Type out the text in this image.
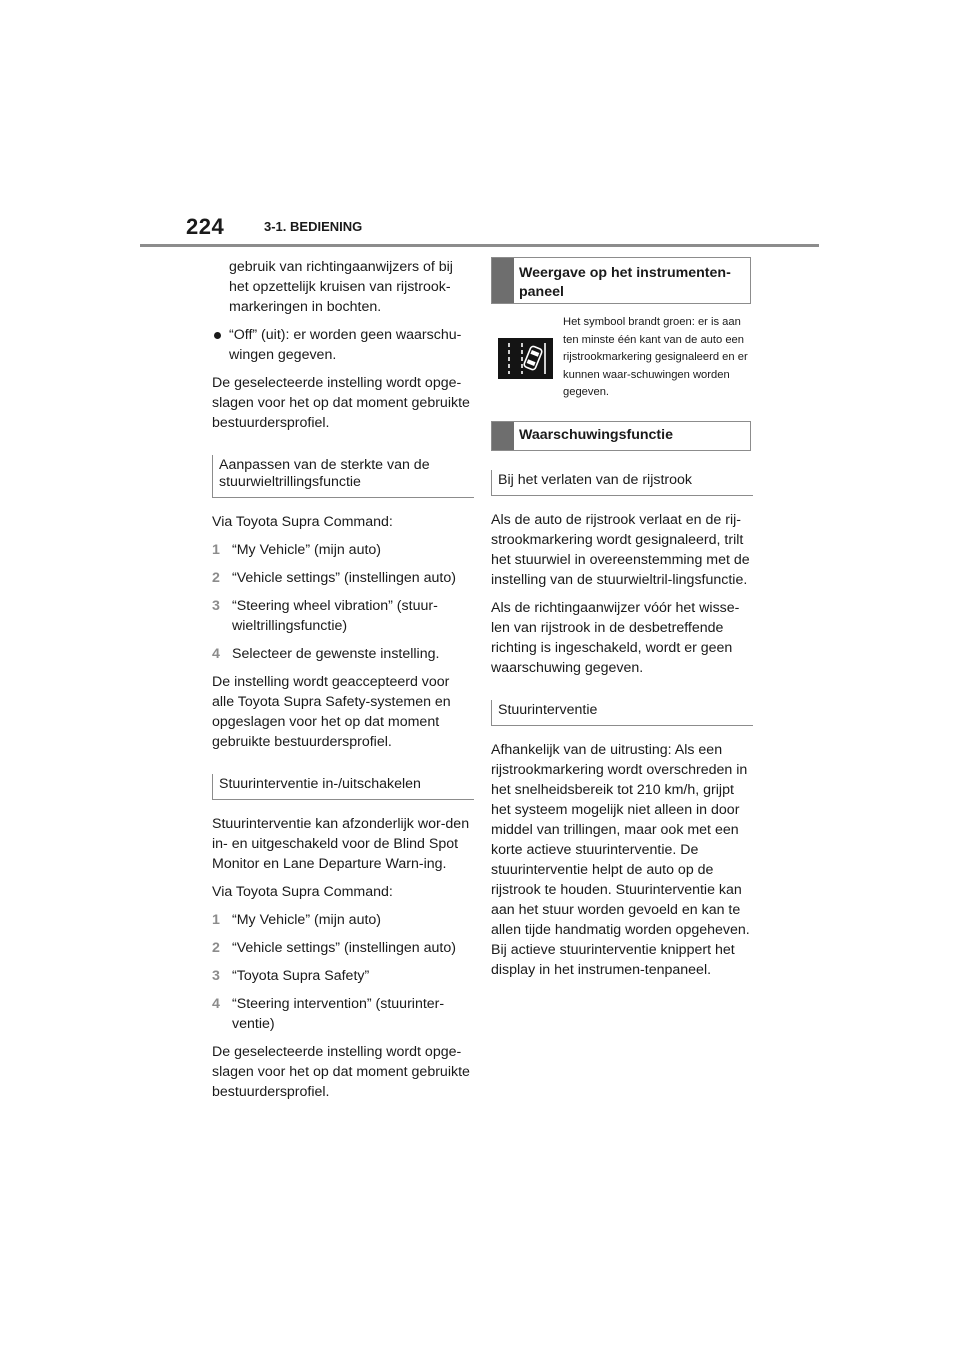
224	3-1. BEDIENING

gebruik van richtingaanwijzers of bij het opzettelijk kruisen van rijstrook-markeringen in bochten.

“Off” (uit): er worden geen waarschu-wingen gegeven.

De geselecteerde instelling wordt opge-slagen voor het op dat moment gebruikte bestuurdersprofiel.

Aanpassen van de sterkte van de stuurwieltrillingsfunctie

Via Toyota Supra Command:

1 “My Vehicle” (mijn auto)
2 “Vehicle settings” (instellingen auto)
3 “Steering wheel vibration” (stuur-wieltrillingsfunctie)
4 Selecteer de gewenste instelling.

De instelling wordt geaccepteerd voor alle Toyota Supra Safety-systemen en opgeslagen voor het op dat moment gebruikte bestuurdersprofiel.

Stuurinterventie in-/uitschakelen

Stuurinterventie kan afzonderlijk wor-den in- en uitgeschakeld voor de Blind Spot Monitor en Lane Departure Warn-ing.

Via Toyota Supra Command:

1 “My Vehicle” (mijn auto)
2 “Vehicle settings” (instellingen auto)
3 “Toyota Supra Safety”
4 “Steering intervention” (stuurinter-ventie)

De geselecteerde instelling wordt opge-slagen voor het op dat moment gebruikte bestuurdersprofiel.

Weergave op het instrumenten-paneel
Het symbool brandt groen: er is aan ten minste één kant van de auto een rijstrookmarkering gesignaleerd en er kunnen waar-schuwingen worden gegeven.
Waarschuwingsfunctie
Bij het verlaten van de rijstrook

Als de auto de rijstrook verlaat en de rij-strookmarkering wordt gesignaleerd, trilt het stuurwiel in overeenstemming met de instelling van de stuurwieltril-lingsfunctie.

Als de richtingaanwijzer vóór het wisse-len van rijstrook in de desbetreffende richting is ingeschakeld, wordt er geen waarschuwing gegeven.

Stuurinterventie

Afhankelijk van de uitrusting: Als een rijstrookmarkering wordt overschreden in het snelheidsbereik tot 210 km/h, grijpt het systeem mogelijk niet alleen in door middel van trillingen, maar ook met een korte actieve stuurinterventie. De stuurinterventie helpt de auto op de rijstrook te houden. Stuurinterventie kan aan het stuur worden gevoeld en kan te allen tijde handmatig worden opgeheven. Bij actieve stuurinterventie knippert het display in het instrumen-tenpaneel.
